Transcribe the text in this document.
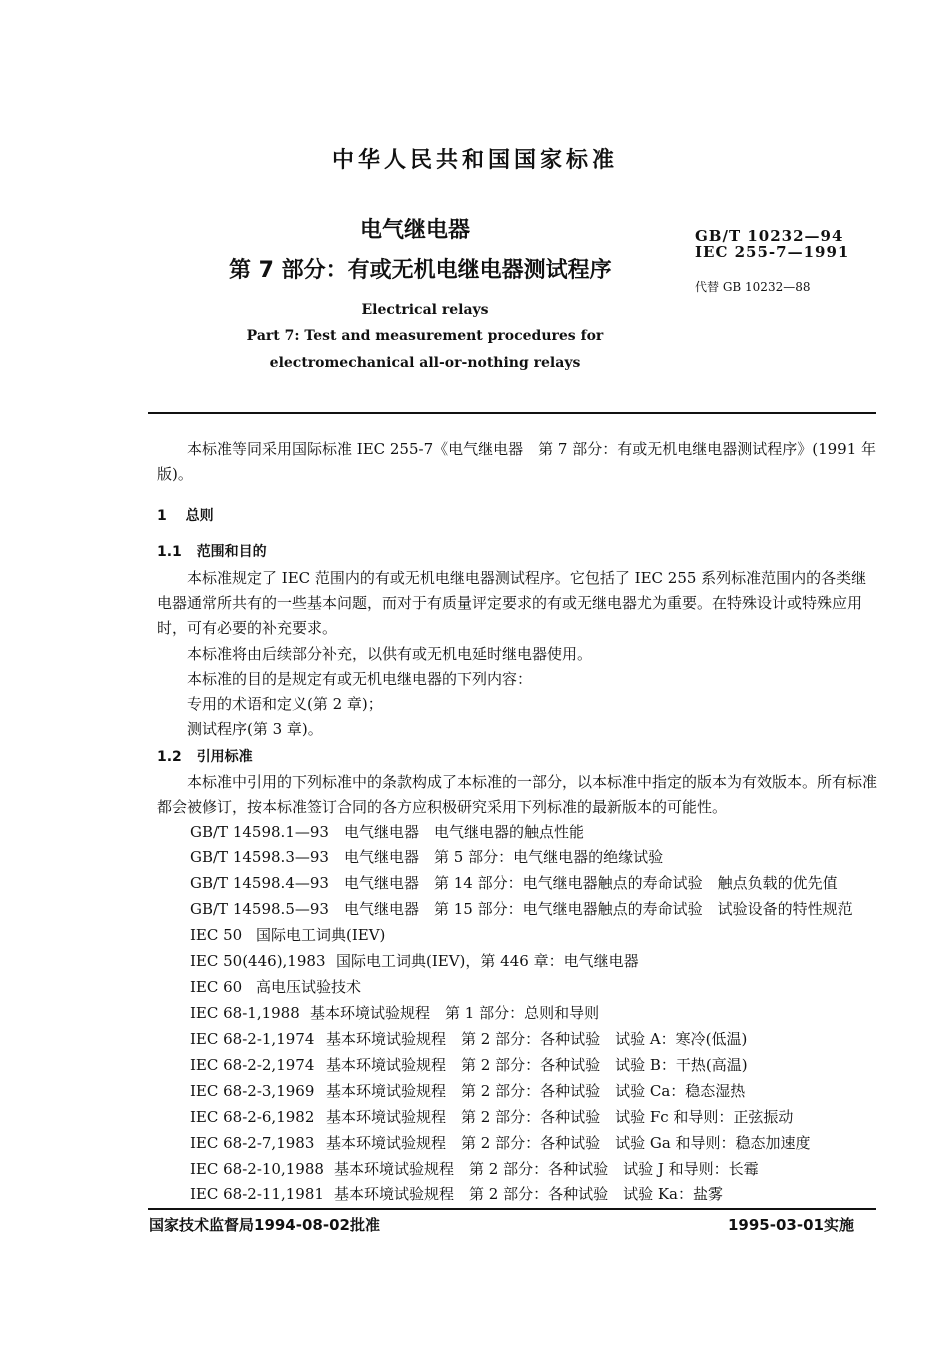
中华人民共和国国家标准
电气继电器
第 7 部分：有或无机电继电器测试程序
Electrical relays
Part 7: Test and measurement procedures for
electromechanical all-or-nothing relays
GB/T 10232—94
IEC 255-7—1991
代替 GB 10232—88
本标准等同采用国际标准 IEC 255-7《电气继电器　第 7 部分：有或无机电继电器测试程序》(1991 年版)。
1 总则
1.1 范围和目的
本标准规定了 IEC 范围内的有或无机电继电器测试程序。它包括了 IEC 255 系列标准范围内的各类继电器通常所共有的一些基本问题，而对于有质量评定要求的有或无继电器尤为重要。在特殊设计或特殊应用时，可有必要的补充要求。
本标准将由后续部分补充，以供有或无机电延时继电器使用。
本标准的目的是规定有或无机电继电器的下列内容：
专用的术语和定义(第 2 章)；
测试程序(第 3 章)。
1.2 引用标准
本标准中引用的下列标准中的条款构成了本标准的一部分，以本标准中指定的版本为有效版本。所有标准都会被修订，按本标准签订合同的各方应积极研究采用下列标准的最新版本的可能性。
GB/T 14598.1—93 电气继电器　电气继电器的触点性能
GB/T 14598.3—93 电气继电器　第 5 部分：电气继电器的绝缘试验
GB/T 14598.4—93 电气继电器　第 14 部分：电气继电器触点的寿命试验　触点负载的优先值
GB/T 14598.5—93 电气继电器　第 15 部分：电气继电器触点的寿命试验　试验设备的特性规范
IEC 50 国际电工词典(IEV)
IEC 50(446),1983 国际电工词典(IEV)，第 446 章：电气继电器
IEC 60 高电压试验技术
IEC 68-1,1988 基本环境试验规程　第 1 部分：总则和导则
IEC 68-2-1,1974 基本环境试验规程　第 2 部分：各种试验　试验 A：寒冷(低温)
IEC 68-2-2,1974 基本环境试验规程　第 2 部分：各种试验　试验 B：干热(高温)
IEC 68-2-3,1969 基本环境试验规程　第 2 部分：各种试验　试验 Ca：稳态湿热
IEC 68-2-6,1982 基本环境试验规程　第 2 部分：各种试验　试验 Fc 和导则：正弦振动
IEC 68-2-7,1983 基本环境试验规程　第 2 部分：各种试验　试验 Ga 和导则：稳态加速度
IEC 68-2-10,1988 基本环境试验规程　第 2 部分：各种试验　试验 J 和导则：长霉
IEC 68-2-11,1981 基本环境试验规程　第 2 部分：各种试验　试验 Ka：盐雾
国家技术监督局1994-08-02批准	1995-03-01实施
